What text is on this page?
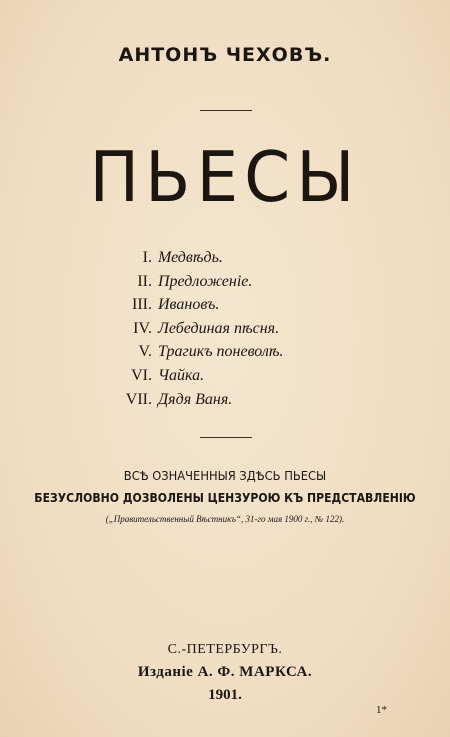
АНТОНЪ ЧЕХОВЪ.
ПЬЕСЫ
I. Медвѣдь.
II. Предложеніе.
III. Ивановъ.
IV. Лебединая пѣсня.
V. Трагикъ поневолѣ.
VI. Чайка.
VII. Дядя Ваня.
ВСѢ ОЗНАЧЕННЫЯ ЗДѢСЬ ПЬЕСЫ
БЕЗУСЛОВНО ДОЗВОЛЕНЫ ЦЕНЗУРОЮ КЪ ПРЕДСТАВЛЕНІЮ
(„Правительственный Вѣстникъ“, 31-го мая 1900 г., № 122).
С.-ПЕТЕРБУРГЪ.
Изданіе А. Ф. МАРКСА.
1901.
1*
